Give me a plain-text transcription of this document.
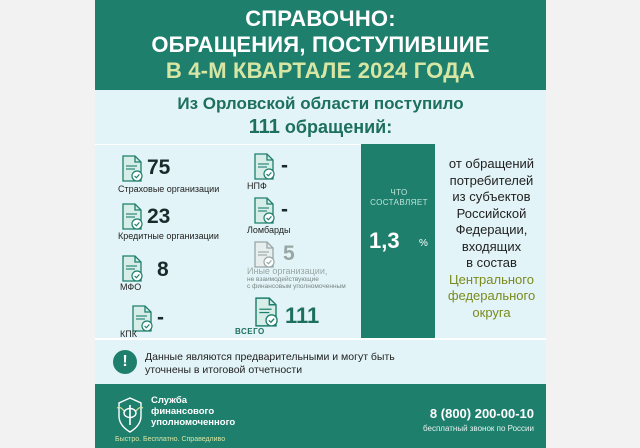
СПРАВОЧНО:
ОБРАЩЕНИЯ, ПОСТУПИВШИЕ
В 4-М КВАРТАЛЕ 2024 ГОДА
Из Орловской области поступило
111 обращений:
75
Страховые организации
23
Кредитные организации
8
МФО
-
КПК
-
НПФ
-
Ломбарды
5
Иные организации,
не взаимодействующие
с финансовым уполномоченным
111
ВСЕГО
ЧТО
СОСТАВЛЯЕТ
1,3 %
от обращений
потребителей
из субъектов
Российской
Федерации,
входящих
в состав
Центрального
федерального
округа
!	Данные являются предварительными и могут быть уточнены в итоговой отчетности
Служба
финансового
уполномоченного
Быстро. Бесплатно. Справедливо
8 (800) 200-00-10
бесплатный звонок по России
